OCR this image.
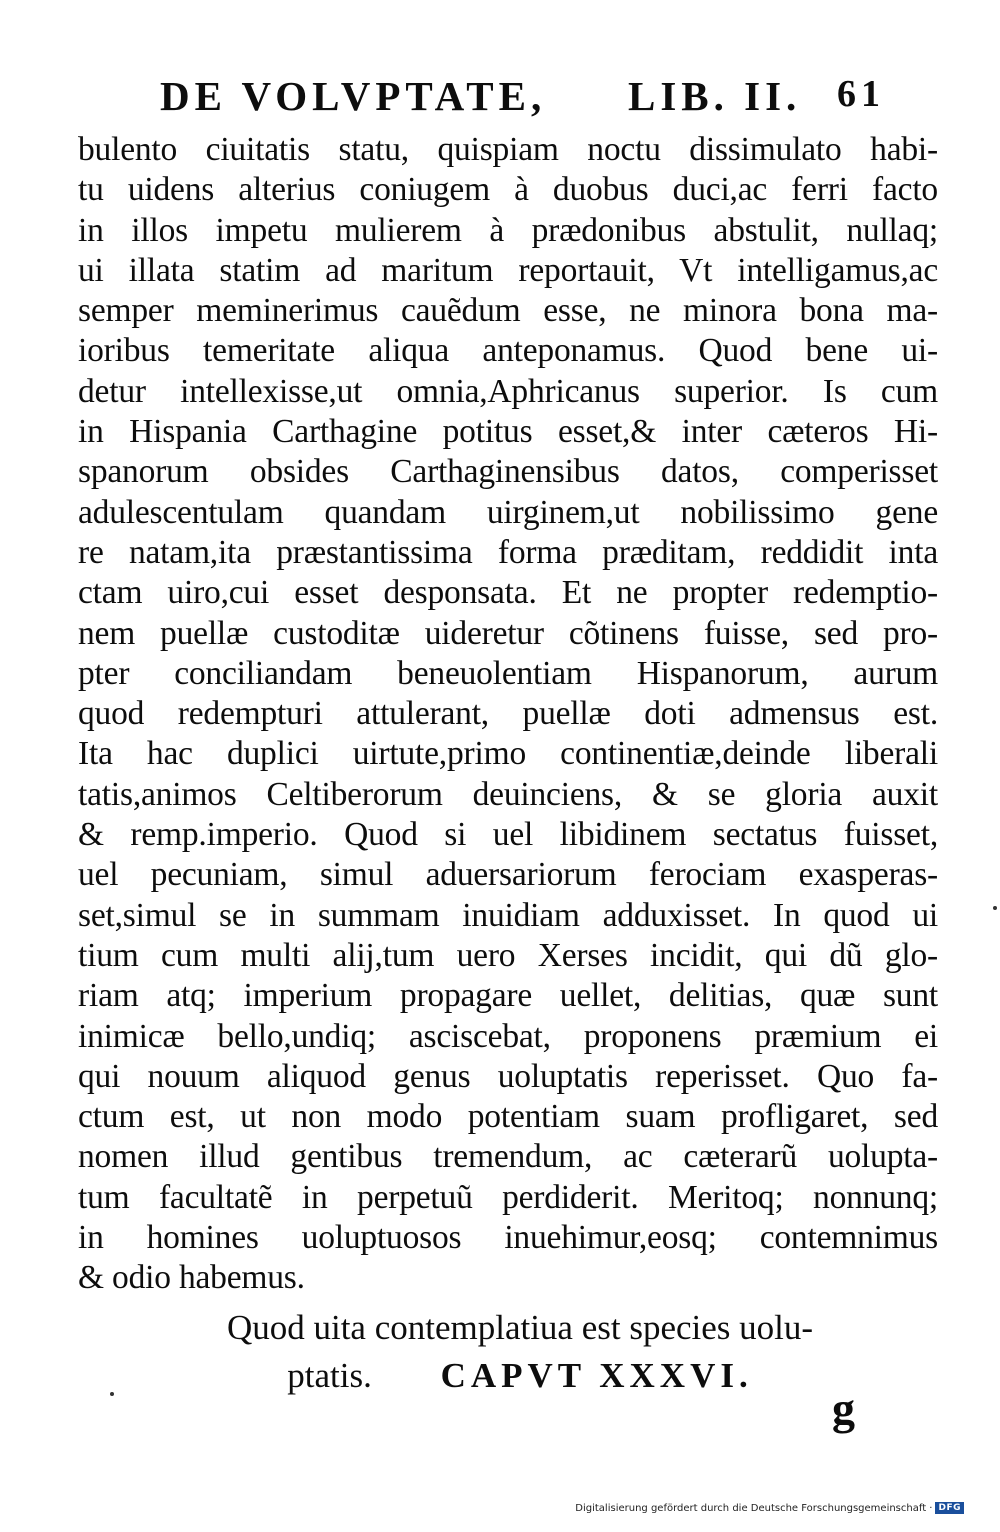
DE VOLVPTATE, LIB. II. 61
bulento ciuitatis statu, quispiam noctu dissimulato habi-
tu uidens alterius coniugem à duobus duci,ac ferri facto
in illos impetu mulierem à prædonibus abstulit, nullaq;
ui illata statim ad maritum reportauit, Vt intelligamus,ac
semper meminerimus cauẽdum esse, ne minora bona ma-
ioribus temeritate aliqua anteponamus. Quod bene ui-
detur intellexisse,ut omnia,Aphricanus superior. Is cum
in Hispania Carthagine potitus esset,& inter cæteros Hi-
spanorum obsides Carthaginensibus datos, comperisset
adulescentulam quandam uirginem,ut nobilissimo gene
re natam,ita præstantissima forma præditam, reddidit inta
ctam uiro,cui esset desponsata. Et ne propter redemptio-
nem puellæ custoditæ uideretur cõtinens fuisse, sed pro-
pter conciliandam beneuolentiam Hispanorum, aurum
quod redempturi attulerant, puellæ doti admensus est.
Ita hac duplici uirtute,primo continentiæ,deinde liberali
tatis,animos Celtiberorum deuinciens, & se gloria auxit
& remp.imperio. Quod si uel libidinem sectatus fuisset,
uel pecuniam, simul aduersariorum ferociam exasperas-
set,simul se in summam inuidiam adduxisset. In quod ui
tium cum multi alij,tum uero Xerses incidit, qui dũ glo-
riam atq; imperium propagare uellet, delitias, quæ sunt
inimicæ bello,undiq; asciscebat, proponens præmium ei
qui nouum aliquod genus uoluptatis reperisset. Quo fa-
ctum est, ut non modo potentiam suam profligaret, sed
nomen illud gentibus tremendum, ac cæterarũ uolupta-
tum facultatẽ in perpetuũ perdiderit. Meritoq; nonnunq;
in homines uoluptuosos inuehimur,eosq; contemnimus
& odio habemus.
Quod uita contemplatiua est species uolu-
ptatis. CAPVT XXXVI.
g
Digitalisierung gefördert durch die Deutsche Forschungsgemeinschaft · DFG
